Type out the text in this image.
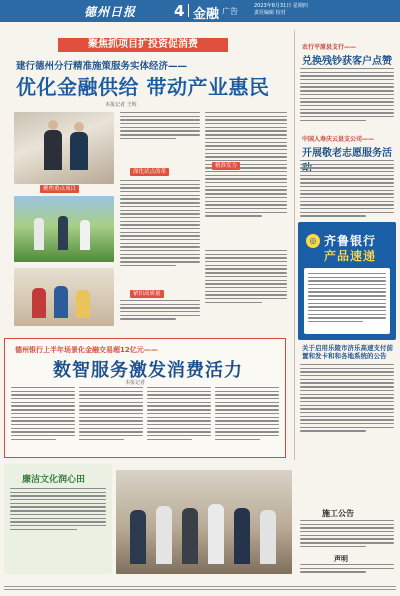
德州日报	4 金融 广告
2023年8月31日 星期四
责任编辑 校对
聚焦抓项目扩投资促消费
建行德州分行精准施策服务实体经济——
优化金融供给 带动产业惠民
本报记者 王辉
聚焦重点项目
深化试点改革
紧扣高质量
精准发力
德州银行上半年场景化金融交易超12亿元——
数智服务激发消费活力
本报记者
农行平原县支行——
兑换残钞获客户点赞
中国人寿庆云县支公司——
开展敬老志愿服务活
◎ 齐鲁银行
产品速递
关于启用乐陵市济乐高速支付前置和发卡和和各地系统的公告
廉洁文化润心田
施工公告
声明
